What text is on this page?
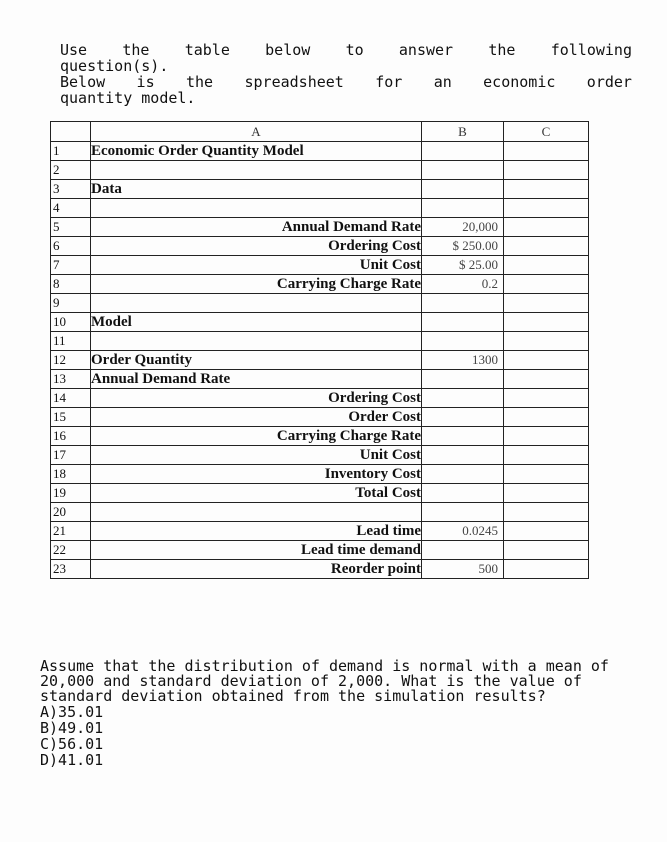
Use the table below to answer the following
question(s).
Below is the spreadsheet for an economic order
quantity model.
	A	B	C
1	Economic Order Quantity Model		
2			
3	Data		
4			
5	Annual Demand Rate	20,000	
6	Ordering Cost	$ 250.00	
7	Unit Cost	$ 25.00	
8	Carrying Charge Rate	0.2	
9			
10	Model		
11			
12	Order Quantity	1300	
13	Annual Demand Rate		
14	Ordering Cost		
15	Order Cost		
16	Carrying Charge Rate		
17	Unit Cost		
18	Inventory Cost		
19	Total Cost		
20			
21	Lead time	0.0245	
22	Lead time demand		
23	Reorder point	500	
Assume that the distribution of demand is normal with a mean of 20,000 and standard deviation of 2,000. What is the value of standard deviation obtained from the simulation results?
A)35.01
B)49.01
C)56.01
D)41.01
